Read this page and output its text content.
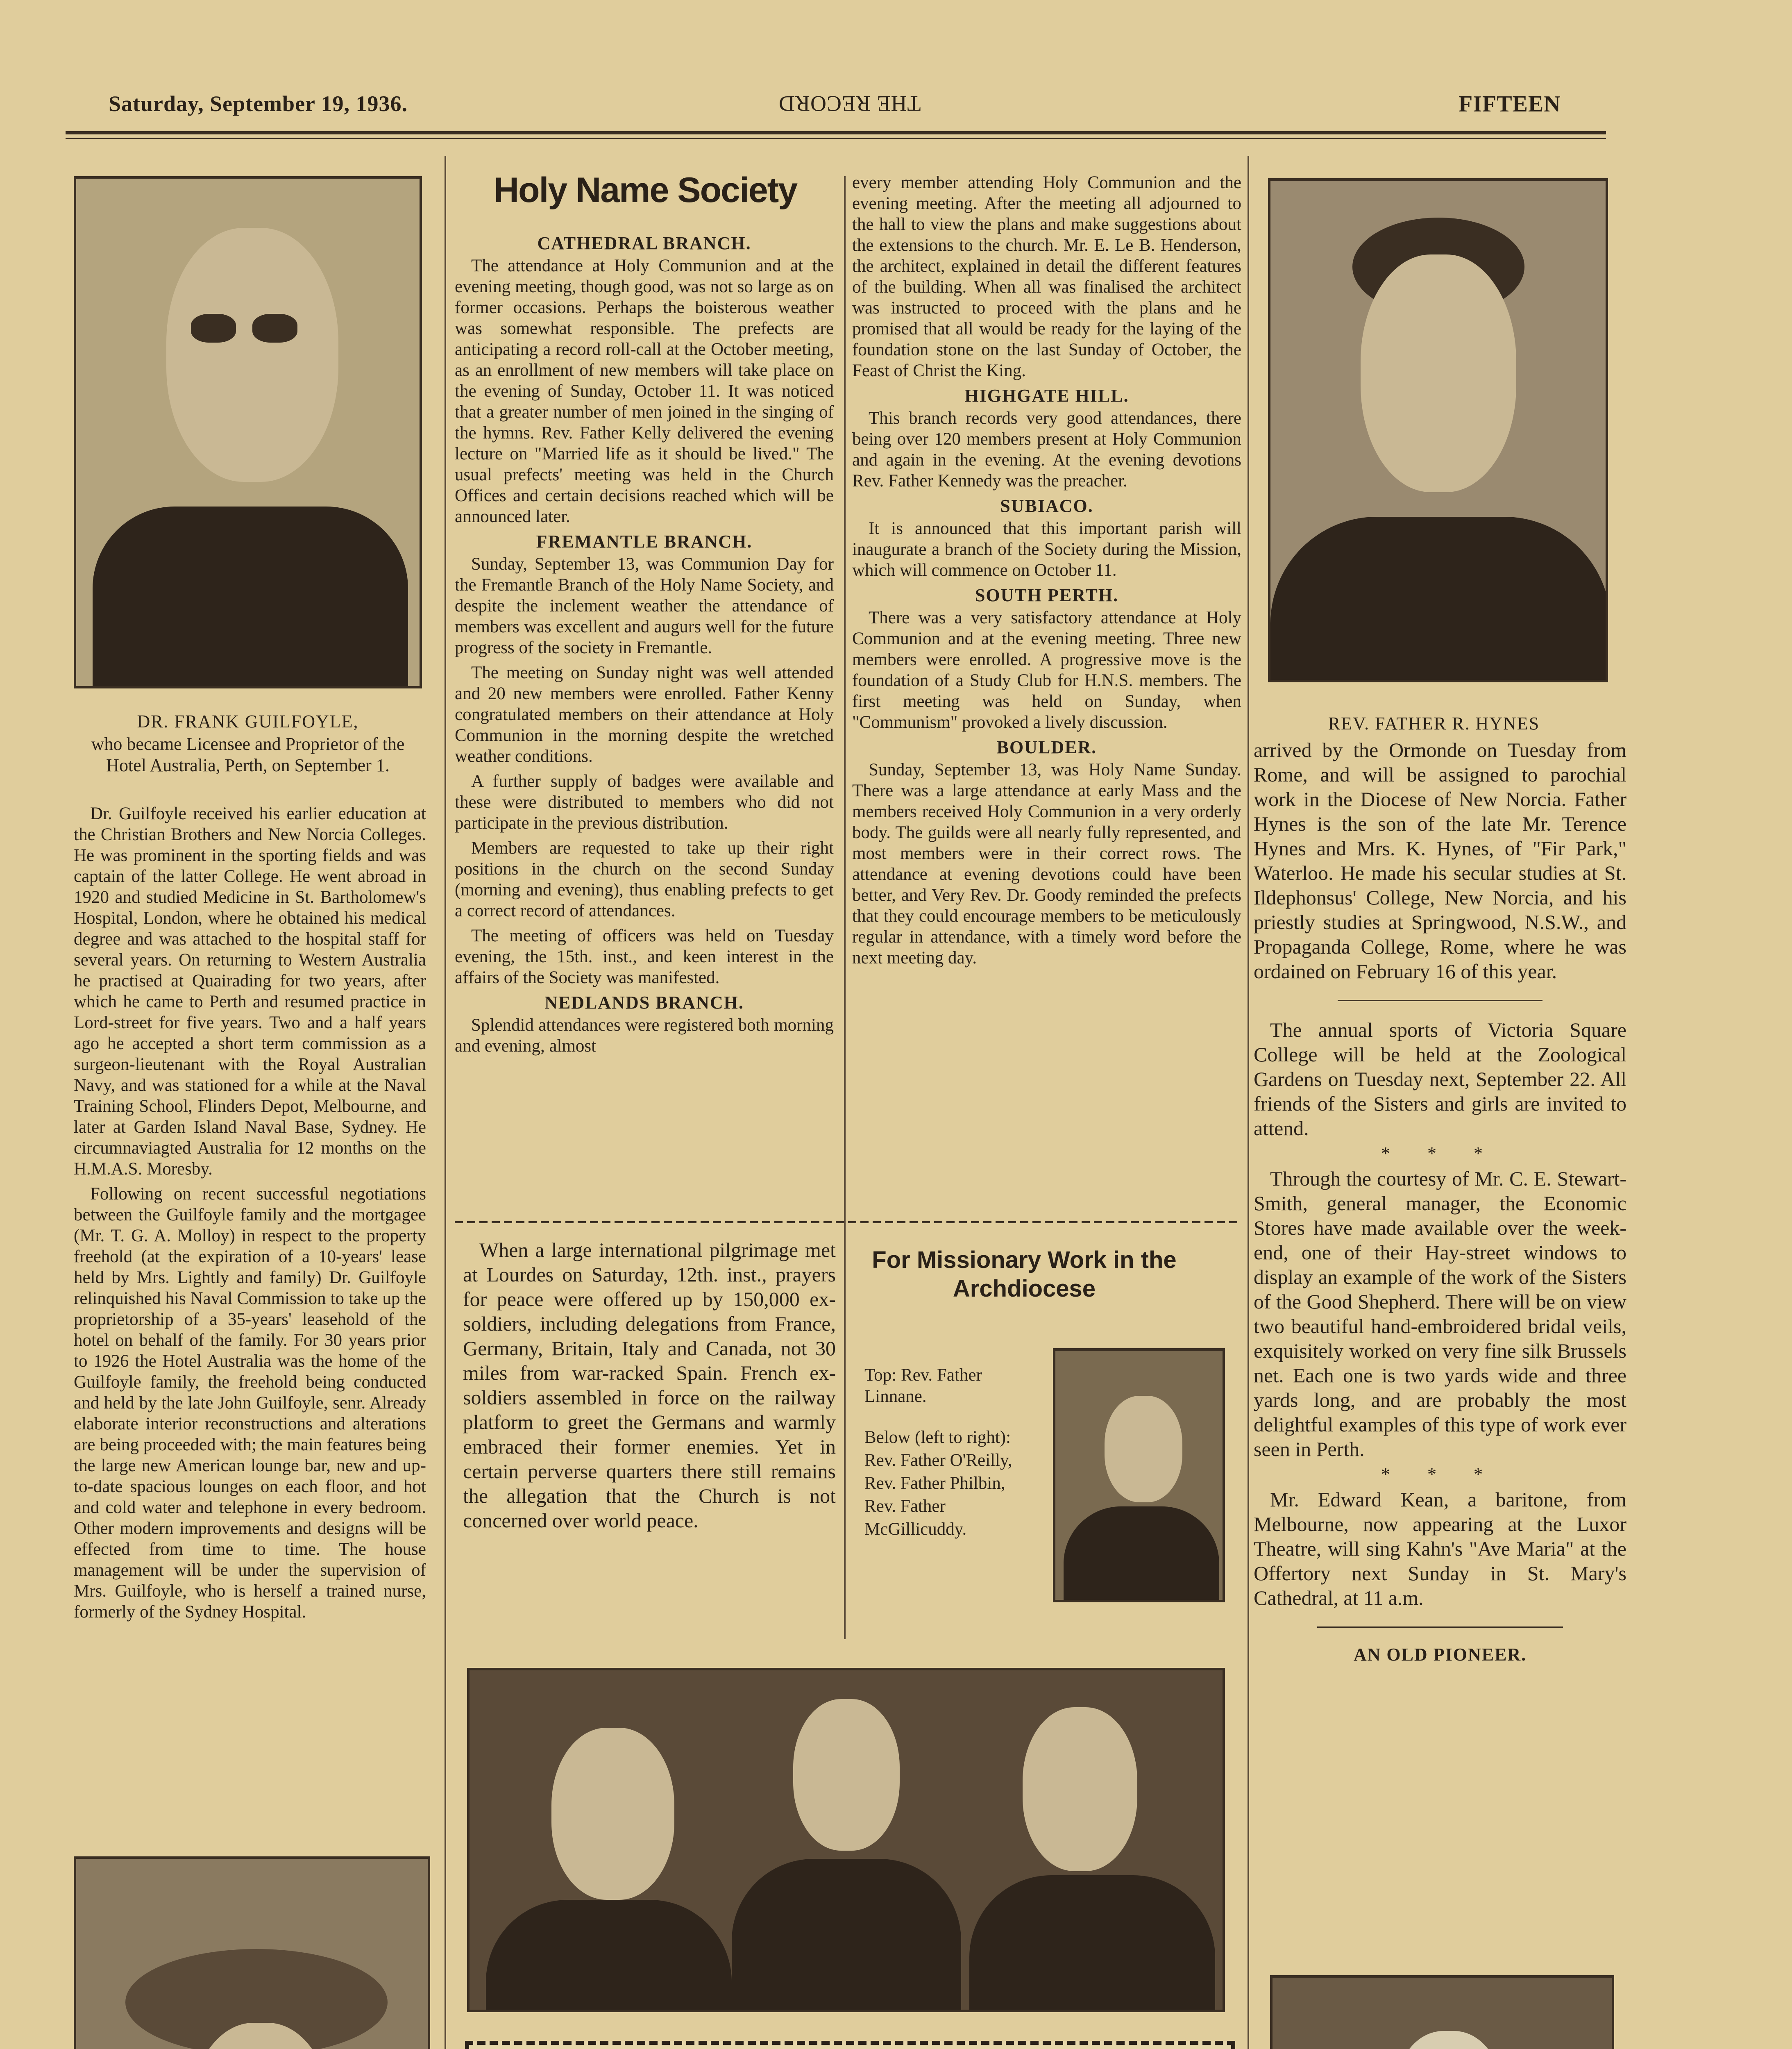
Saturday, September 19, 1936.	THE RECORD	FIFTEEN
DR. FRANK GUILFOYLE,
who became Licensee and Proprietor of the Hotel Australia, Perth, on September 1.

Dr. Guilfoyle received his earlier education at the Christian Brothers and New Norcia Colleges. He was prominent in the sporting fields and was captain of the latter College. He went abroad in 1920 and studied Medicine in St. Bartholomew's Hospital, London, where he obtained his medical degree and was attached to the hospital staff for several years. On returning to Western Australia he practised at Quairading for two years, after which he came to Perth and resumed practice in Lord-street for five years. Two and a half years ago he accepted a short term commission as a surgeon-lieutenant with the Royal Australian Navy, and was stationed for a while at the Naval Training School, Flinders Depot, Melbourne, and later at Garden Island Naval Base, Sydney. He circumnaviagted Australia for 12 months on the H.M.A.S. Moresby.

Following on recent successful negotiations between the Guilfoyle family and the mortgagee (Mr. T. G. A. Molloy) in respect to the property freehold (at the expiration of a 10-years' lease held by Mrs. Lightly and family) Dr. Guilfoyle relinquished his Naval Commission to take up the proprietorship of a 35-years' leasehold of the hotel on behalf of the family. For 30 years prior to 1926 the Hotel Australia was the home of the Guilfoyle family, the freehold being conducted and held by the late John Guilfoyle, senr. Already elaborate interior reconstructions and alterations are being proceeded with; the main features being the large new American lounge bar, new and up-to-date spacious lounges on each floor, and hot and cold water and telephone in every bedroom. Other modern improvements and designs will be effected from time to time. The house management will be under the supervision of Mrs. Guilfoyle, who is herself a trained nurse, formerly of the Sydney Hospital.

Holy Name Society
CATHEDRAL BRANCH.

The attendance at Holy Communion and at the evening meeting, though good, was not so large as on former occasions. Perhaps the boisterous weather was somewhat responsible. The prefects are anticipating a record roll-call at the October meeting, as an enrollment of new members will take place on the evening of Sunday, October 11. It was noticed that a greater number of men joined in the singing of the hymns. Rev. Father Kelly delivered the evening lecture on "Married life as it should be lived." The usual prefects' meeting was held in the Church Offices and certain decisions reached which will be announced later.

FREMANTLE BRANCH.

Sunday, September 13, was Communion Day for the Fremantle Branch of the Holy Name Society, and despite the inclement weather the attendance of members was excellent and augurs well for the future progress of the society in Fremantle.

The meeting on Sunday night was well attended and 20 new members were enrolled. Father Kenny congratulated members on their attendance at Holy Communion in the morning despite the wretched weather conditions.

A further supply of badges were available and these were distributed to members who did not participate in the previous distribution.

Members are requested to take up their right positions in the church on the second Sunday (morning and evening), thus enabling prefects to get a correct record of attendances.

The meeting of officers was held on Tuesday evening, the 15th. inst., and keen interest in the affairs of the Society was manifested.

NEDLANDS BRANCH.

Splendid attendances were registered both morning and evening, almost

every member attending Holy Communion and the evening meeting. After the meeting all adjourned to the hall to view the plans and make suggestions about the extensions to the church. Mr. E. Le B. Henderson, the architect, explained in detail the different features of the building. When all was finalised the architect was instructed to proceed with the plans and he promised that all would be ready for the laying of the foundation stone on the last Sunday of October, the Feast of Christ the King.

HIGHGATE HILL.

This branch records very good attendances, there being over 120 members present at Holy Communion and again in the evening. At the evening devotions Rev. Father Kennedy was the preacher.

SUBIACO.

It is announced that this important parish will inaugurate a branch of the Society during the Mission, which will commence on October 11.

SOUTH PERTH.

There was a very satisfactory attendance at Holy Communion and at the evening meeting. Three new members were enrolled. A progressive move is the foundation of a Study Club for H.N.S. members. The first meeting was held on Sunday, when "Communism" provoked a lively discussion.

BOULDER.

Sunday, September 13, was Holy Name Sunday. There was a large attendance at early Mass and the members received Holy Communion in a very orderly body. The guilds were all nearly fully represented, and most members were in their correct rows. The attendance at evening devotions could have been better, and Very Rev. Dr. Goody reminded the prefects that they could encourage members to be meticulously regular in attendance, with a timely word before the next meeting day.

When a large international pilgrimage met at Lourdes on Saturday, 12th. inst., prayers for peace were offered up by 150,000 ex-soldiers, including delegations from France, Germany, Britain, Italy and Canada, not 30 miles from war-racked Spain. French ex-soldiers assembled in force on the railway platform to greet the Germans and warmly embraced their former enemies. Yet in certain perverse quarters there still remains the allegation that the Church is not concerned over world peace.

For Missionary Work in the Archdiocese
Top: Rev. Father Linnane.
Below (left to right): Rev. Father O'Reilly, Rev. Father Philbin, Rev. Father McGillicuddy.
REV. FATHER R. HYNES

arrived by the Ormonde on Tuesday from Rome, and will be assigned to parochial work in the Diocese of New Norcia. Father Hynes is the son of the late Mr. Terence Hynes and Mrs. K. Hynes, of "Fir Park," Waterloo. He made his secular studies at St. Ildephonsus' College, New Norcia, and his priestly studies at Springwood, N.S.W., and Propaganda College, Rome, where he was ordained on February 16 of this year.

The annual sports of Victoria Square College will be held at the Zoological Gardens on Tuesday next, September 22. All friends of the Sisters and girls are invited to attend.

* * *

Through the courtesy of Mr. C. E. Stewart-Smith, general manager, the Economic Stores have made available over the week-end, one of their Hay-street windows to display an example of the work of the Sisters of the Good Shepherd. There will be on view two beautiful hand-embroidered bridal veils, exquisitely worked on very fine silk Brussels net. Each one is two yards wide and three yards long, and are probably the most delightful examples of this type of work ever seen in Perth.

* * *

Mr. Edward Kean, a baritone, from Melbourne, now appearing at the Luxor Theatre, will sing Kahn's "Ave Maria" at the Offertory next Sunday in St. Mary's Cathedral, at 11 a.m.

AN OLD PIONEER.
